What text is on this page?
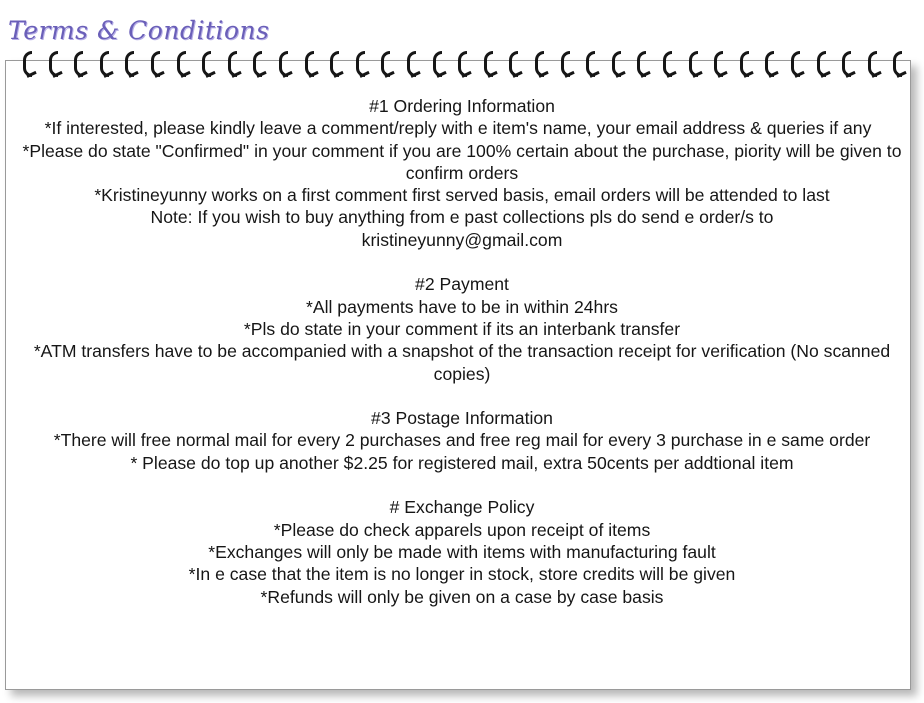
Terms & Conditions

#1 Ordering Information

*If interested, please kindly leave a comment/reply with e item's name, your email address & queries if any

*Please do state "Confirmed" in your comment if you are 100% certain about the purchase, piority will be given to confirm orders

*Kristineyunny works on a first comment first served basis, email orders will be attended to last

Note: If you wish to buy anything from e past collections pls do send e order/s to kristineyunny@gmail.com

#2 Payment

*All payments have to be in within 24hrs

*Pls do state in your comment if its an interbank transfer

*ATM transfers have to be accompanied with a snapshot of the transaction receipt for verification (No scanned copies)

#3 Postage Information

*There will free normal mail for every 2 purchases and free reg mail for every 3 purchase in e same order

* Please do top up another $2.25 for registered mail, extra 50cents per addtional item

# Exchange Policy

*Please do check apparels upon receipt of items

*Exchanges will only be made with items with manufacturing fault

*In e case that the item is no longer in stock, store credits will be given

*Refunds will only be given on a case by case basis
